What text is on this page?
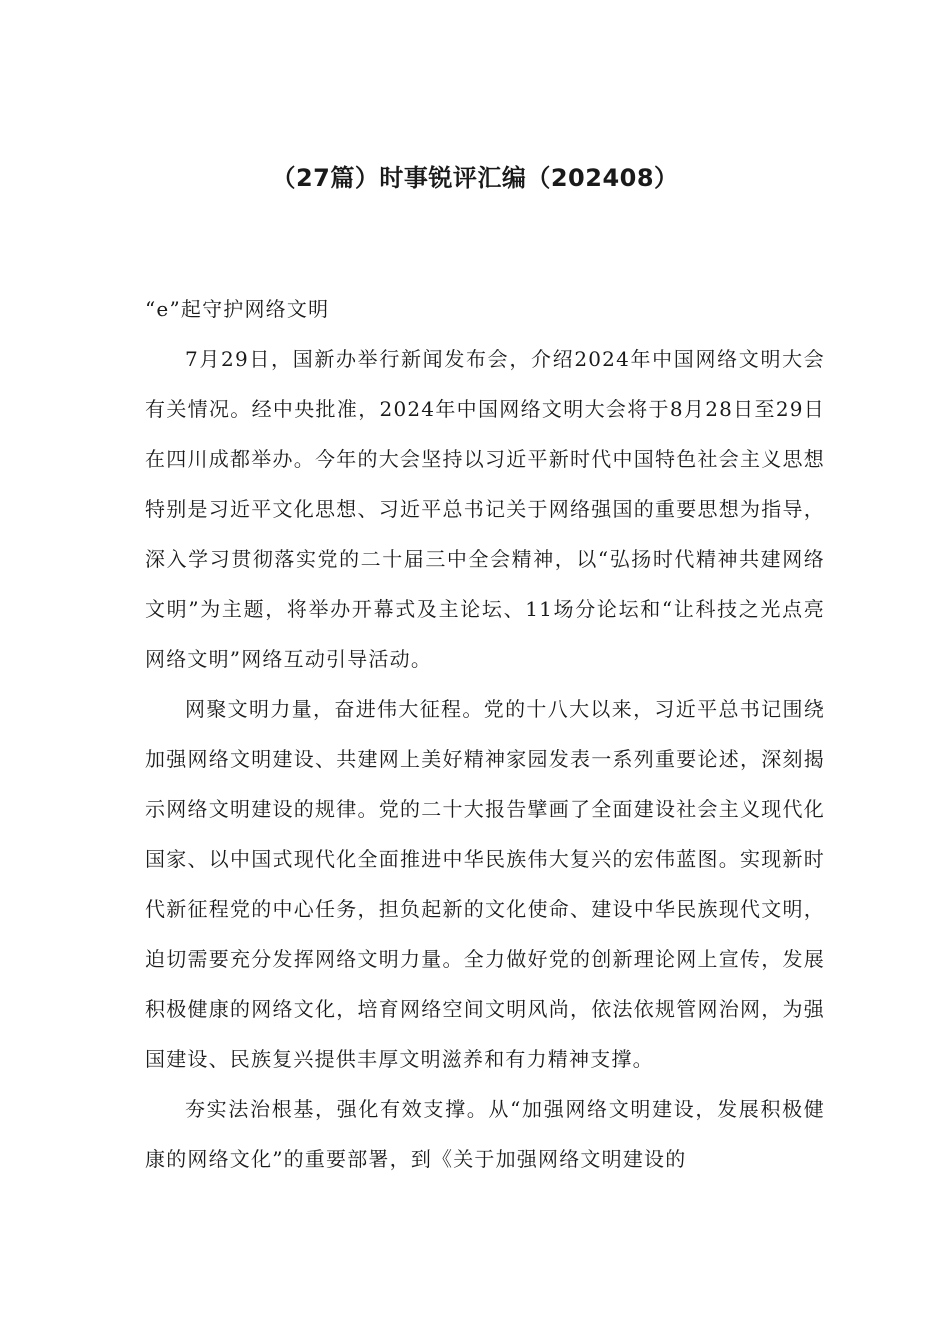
（27篇）时事锐评汇编（202408）

“e”起守护网络文明

7月29日，国新办举行新闻发布会，介绍2024年中国网络文明大会有关情况。经中央批准，2024年中国网络文明大会将于8月28日至29日在四川成都举办。今年的大会坚持以习近平新时代中国特色社会主义思想特别是习近平文化思想、习近平总书记关于网络强国的重要思想为指导，深入学习贯彻落实党的二十届三中全会精神，以“弘扬时代精神共建网络文明”为主题，将举办开幕式及主论坛、11场分论坛和“让科技之光点亮网络文明”网络互动引导活动。

网聚文明力量，奋进伟大征程。党的十八大以来，习近平总书记围绕加强网络文明建设、共建网上美好精神家园发表一系列重要论述，深刻揭示网络文明建设的规律。党的二十大报告擘画了全面建设社会主义现代化国家、以中国式现代化全面推进中华民族伟大复兴的宏伟蓝图。实现新时代新征程党的中心任务，担负起新的文化使命、建设中华民族现代文明，迫切需要充分发挥网络文明力量。全力做好党的创新理论网上宣传，发展积极健康的网络文化，培育网络空间文明风尚，依法依规管网治网，为强国建设、民族复兴提供丰厚文明滋养和有力精神支撑。

夯实法治根基，强化有效支撑。从“加强网络文明建设，发展积极健康的网络文化”的重要部署，到《关于加强网络文明建设的
